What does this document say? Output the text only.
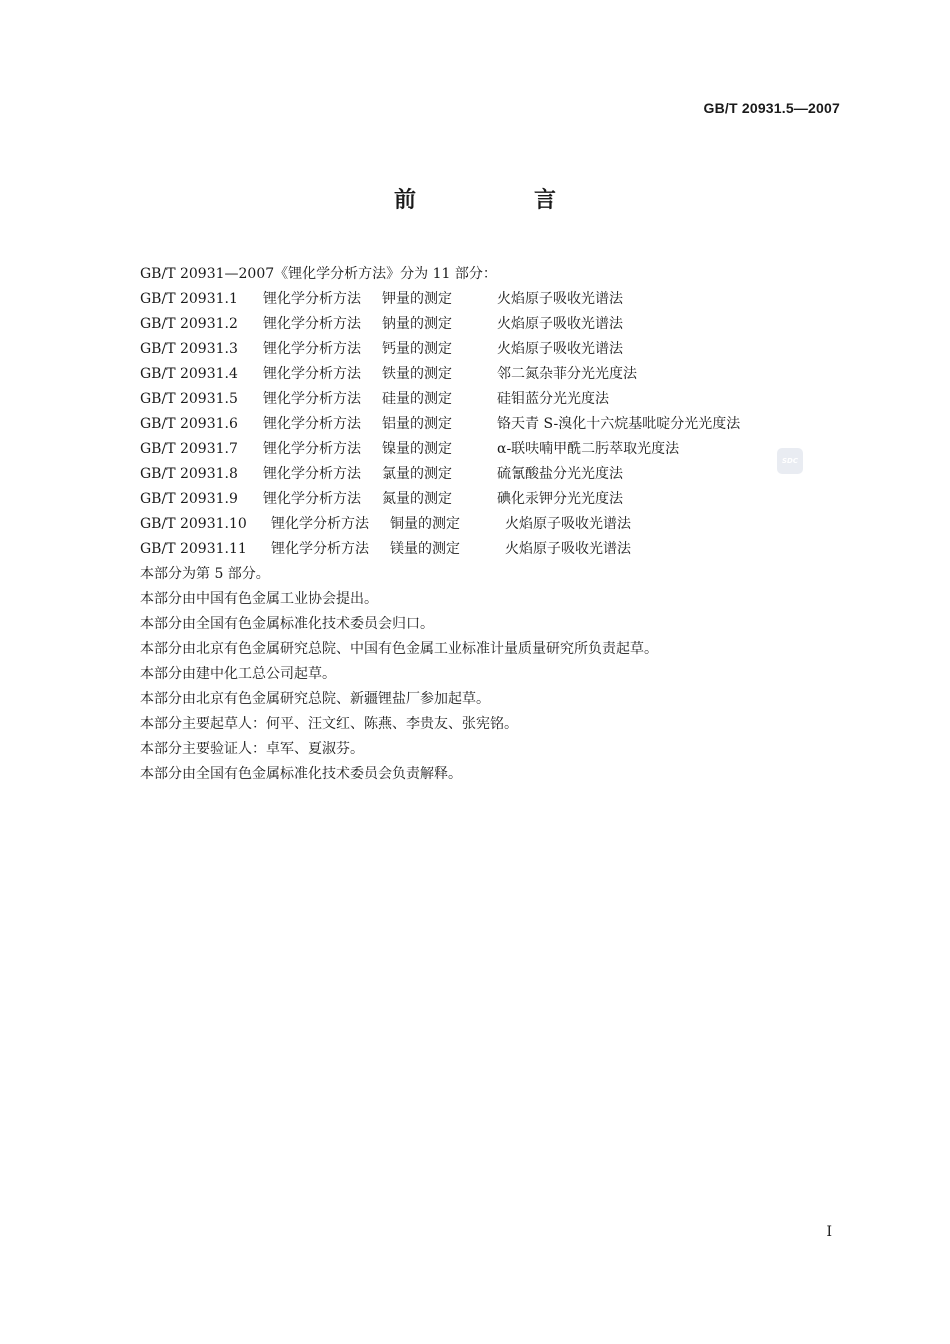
GB/T 20931.5—2007
前　言
GB/T 20931—2007《锂化学分析方法》分为 11 部分：
GB/T 20931.1	锂化学分析方法	钾量的测定	火焰原子吸收光谱法
GB/T 20931.2	锂化学分析方法	钠量的测定	火焰原子吸收光谱法
GB/T 20931.3	锂化学分析方法	钙量的测定	火焰原子吸收光谱法
GB/T 20931.4	锂化学分析方法	铁量的测定	邻二氮杂菲分光光度法
GB/T 20931.5	锂化学分析方法	硅量的测定	硅钼蓝分光光度法
GB/T 20931.6	锂化学分析方法	铝量的测定	铬天青 S-溴化十六烷基吡啶分光光度法
GB/T 20931.7	锂化学分析方法	镍量的测定	α-联呋喃甲酰二肟萃取光度法
GB/T 20931.8	锂化学分析方法	氯量的测定	硫氰酸盐分光光度法
GB/T 20931.9	锂化学分析方法	氮量的测定	碘化汞钾分光光度法
GB/T 20931.10	锂化学分析方法	铜量的测定	火焰原子吸收光谱法
GB/T 20931.11	锂化学分析方法	镁量的测定	火焰原子吸收光谱法
本部分为第 5 部分。
本部分由中国有色金属工业协会提出。
本部分由全国有色金属标准化技术委员会归口。
本部分由北京有色金属研究总院、中国有色金属工业标准计量质量研究所负责起草。
本部分由建中化工总公司起草。
本部分由北京有色金属研究总院、新疆锂盐厂参加起草。
本部分主要起草人：何平、汪文红、陈燕、李贵友、张宪铭。
本部分主要验证人：卓军、夏淑芬。
本部分由全国有色金属标准化技术委员会负责解释。
SDC
I
